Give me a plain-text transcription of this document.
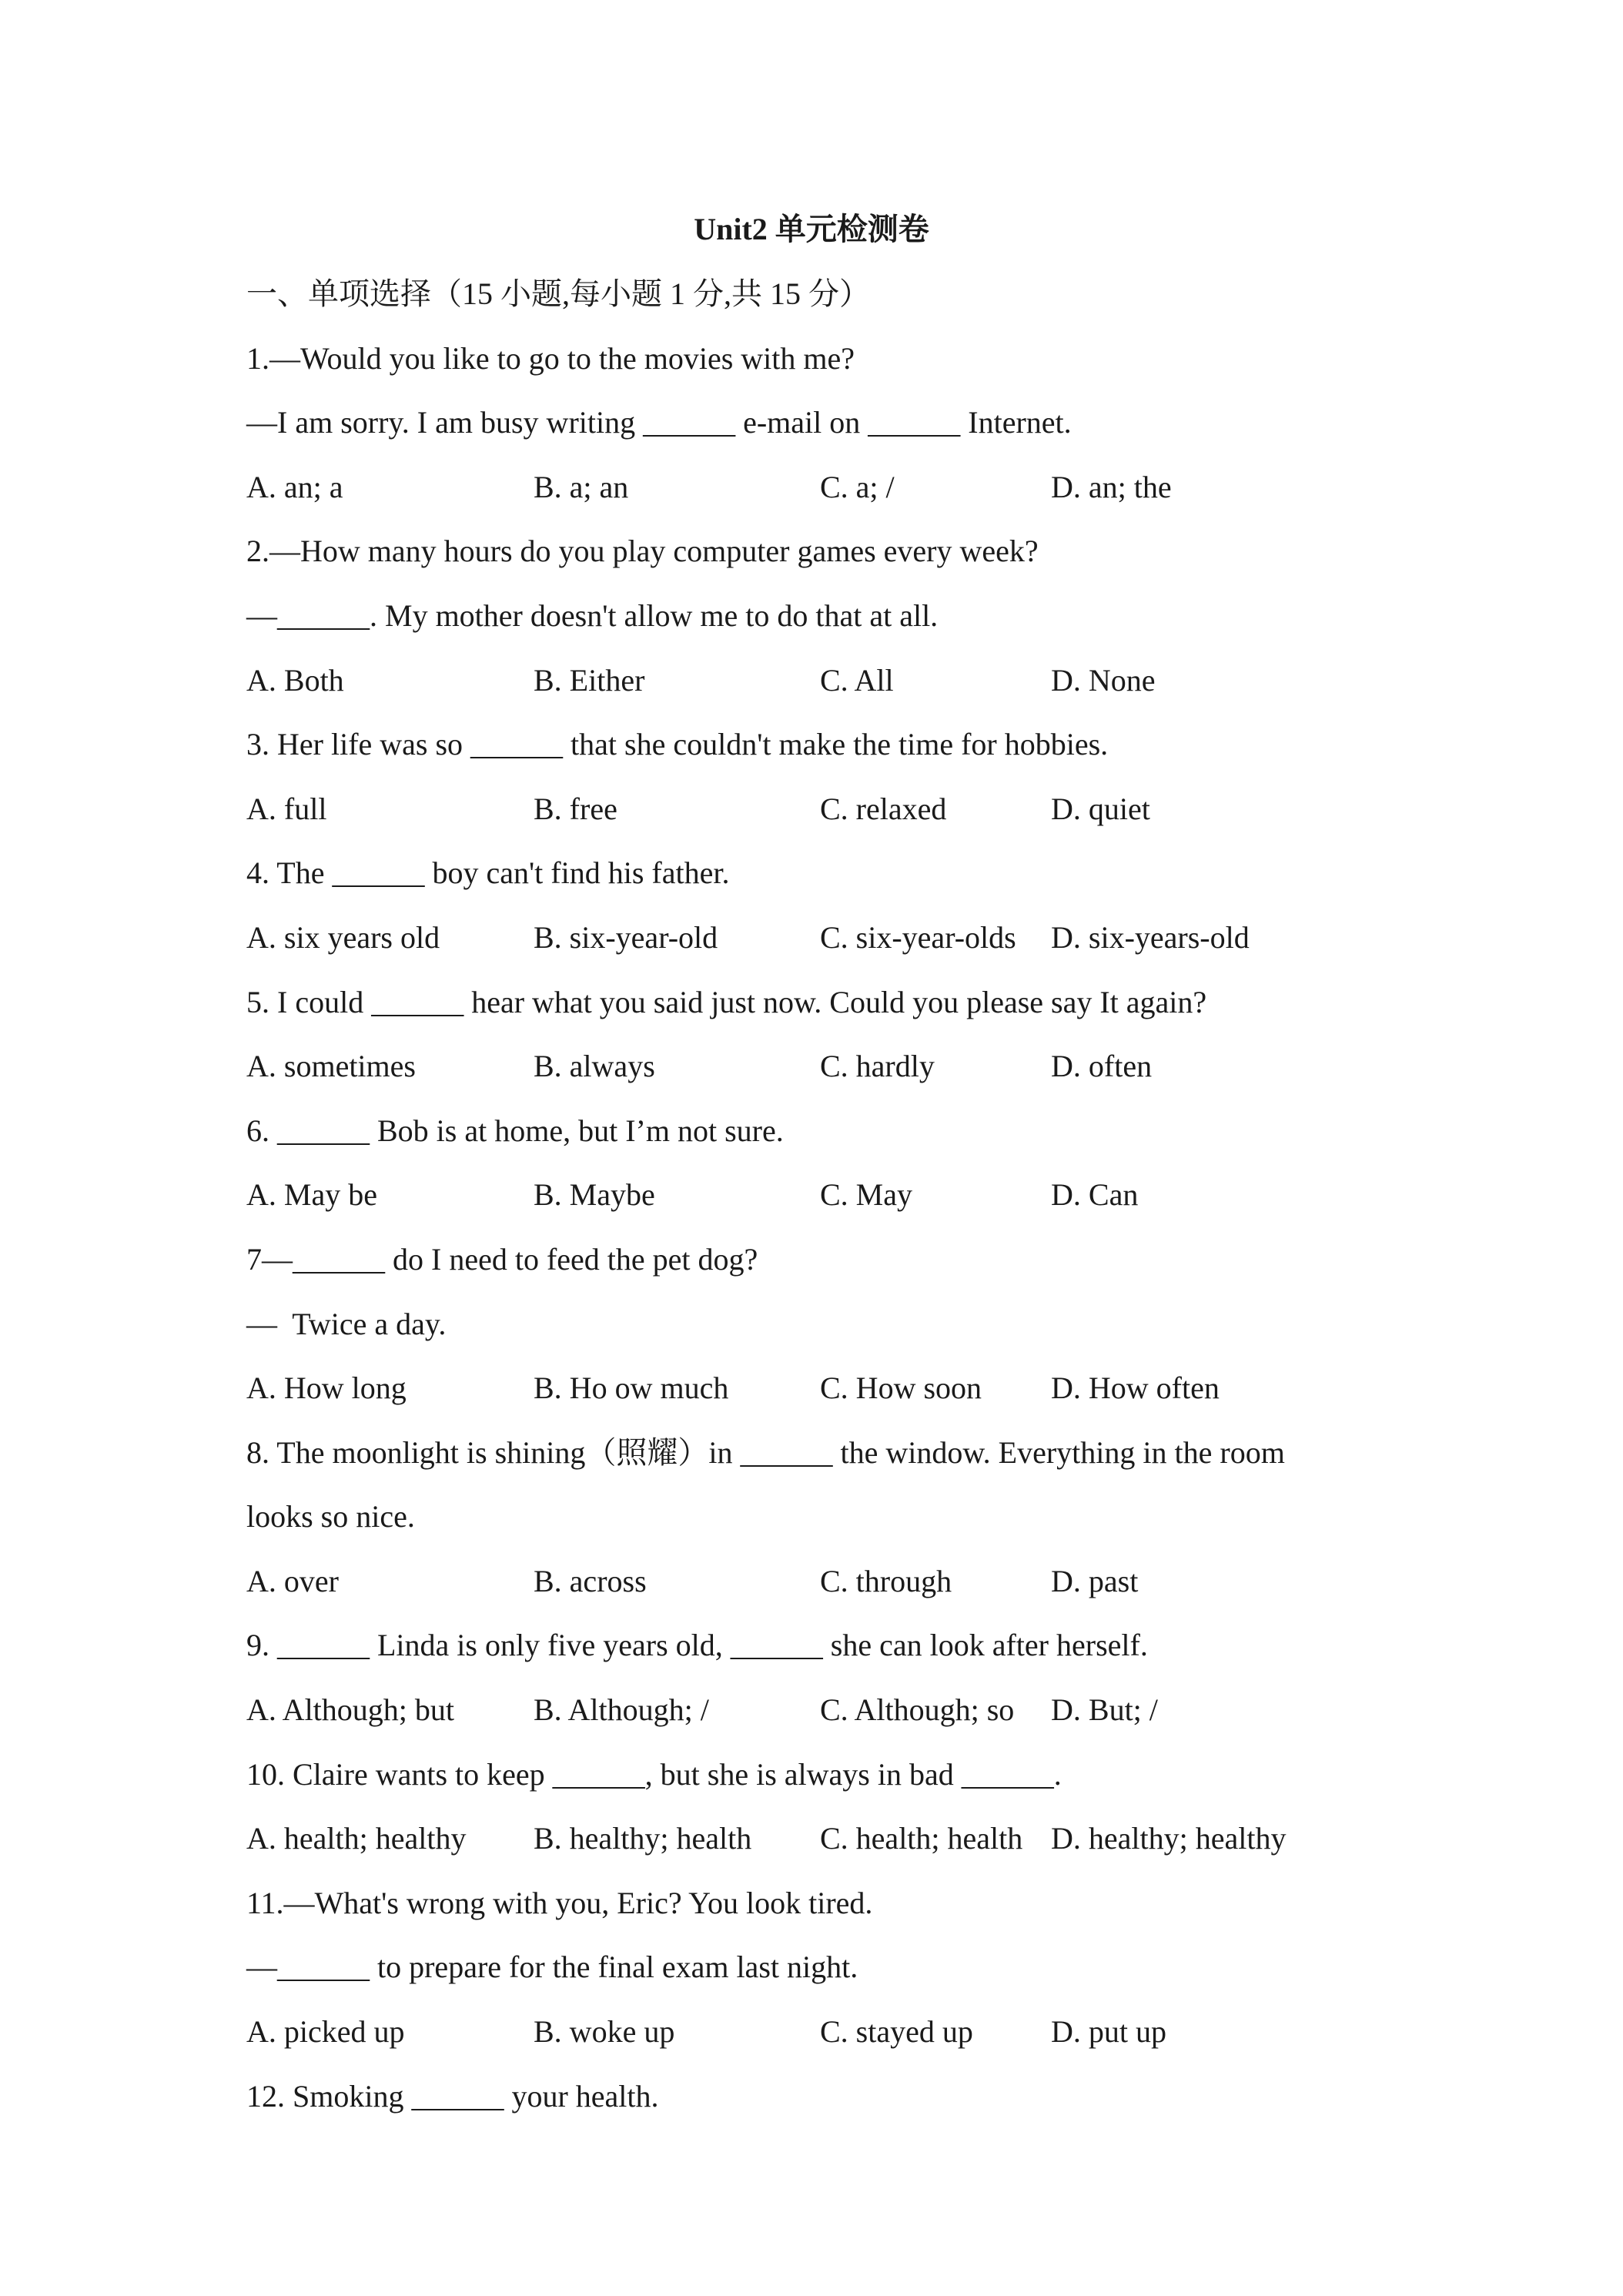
Unit2 单元检测卷
一、单项选择（15 小题,每小题 1 分,共 15 分）
1.—Would you like to go to the movies with me?
—I am sorry. I am busy writing ______ e-mail on ______ Internet.

A. an; a

	B. a; an

	C. a; /

	D. an; the

2.—How many hours do you play computer games every week?
—______. My mother doesn't allow me to do that at all.

A. Both

	B. Either

	C. All

	D. None

3. Her life was so ______ that she couldn't make the time for hobbies.

A. full

	B. free

	C. relaxed

	D. quiet

4. The ______ boy can't find his father.

A. six years old

	B. six-year-old

	C. six-year-olds

D. six-years-old

5. I could ______ hear what you said just now. Could you please say It again?

A. sometimes

	B. always

	C. hardly

	D. often

6. ______ Bob is at home, but I’m not sure.

A. May be

	B. Maybe

	C. May

	D. Can

7—______ do I need to feed the pet dog?
—  Twice a day.

A. How long

	B. Ho ow much

	C. How soon

D. How often

8. The moonlight is shining（照耀）in ______ the window. Everything in the room
looks so nice.

A. over

	B. across

	C. through

	D. past

9. ______ Linda is only five years old, ______ she can look after herself.

A. Although; but

	B. Although; /

	C. Although; so

D. But; /

10. Claire wants to keep ______, but she is always in bad ______.

A. health; healthy

B. healthy; health

C. health; health

D. healthy; healthy

11.—What's wrong with you, Eric? You look tired.
—______ to prepare for the final exam last night.

A. picked up

	B. woke up

	C. stayed up

	D. put up

12. Smoking ______ your health.
